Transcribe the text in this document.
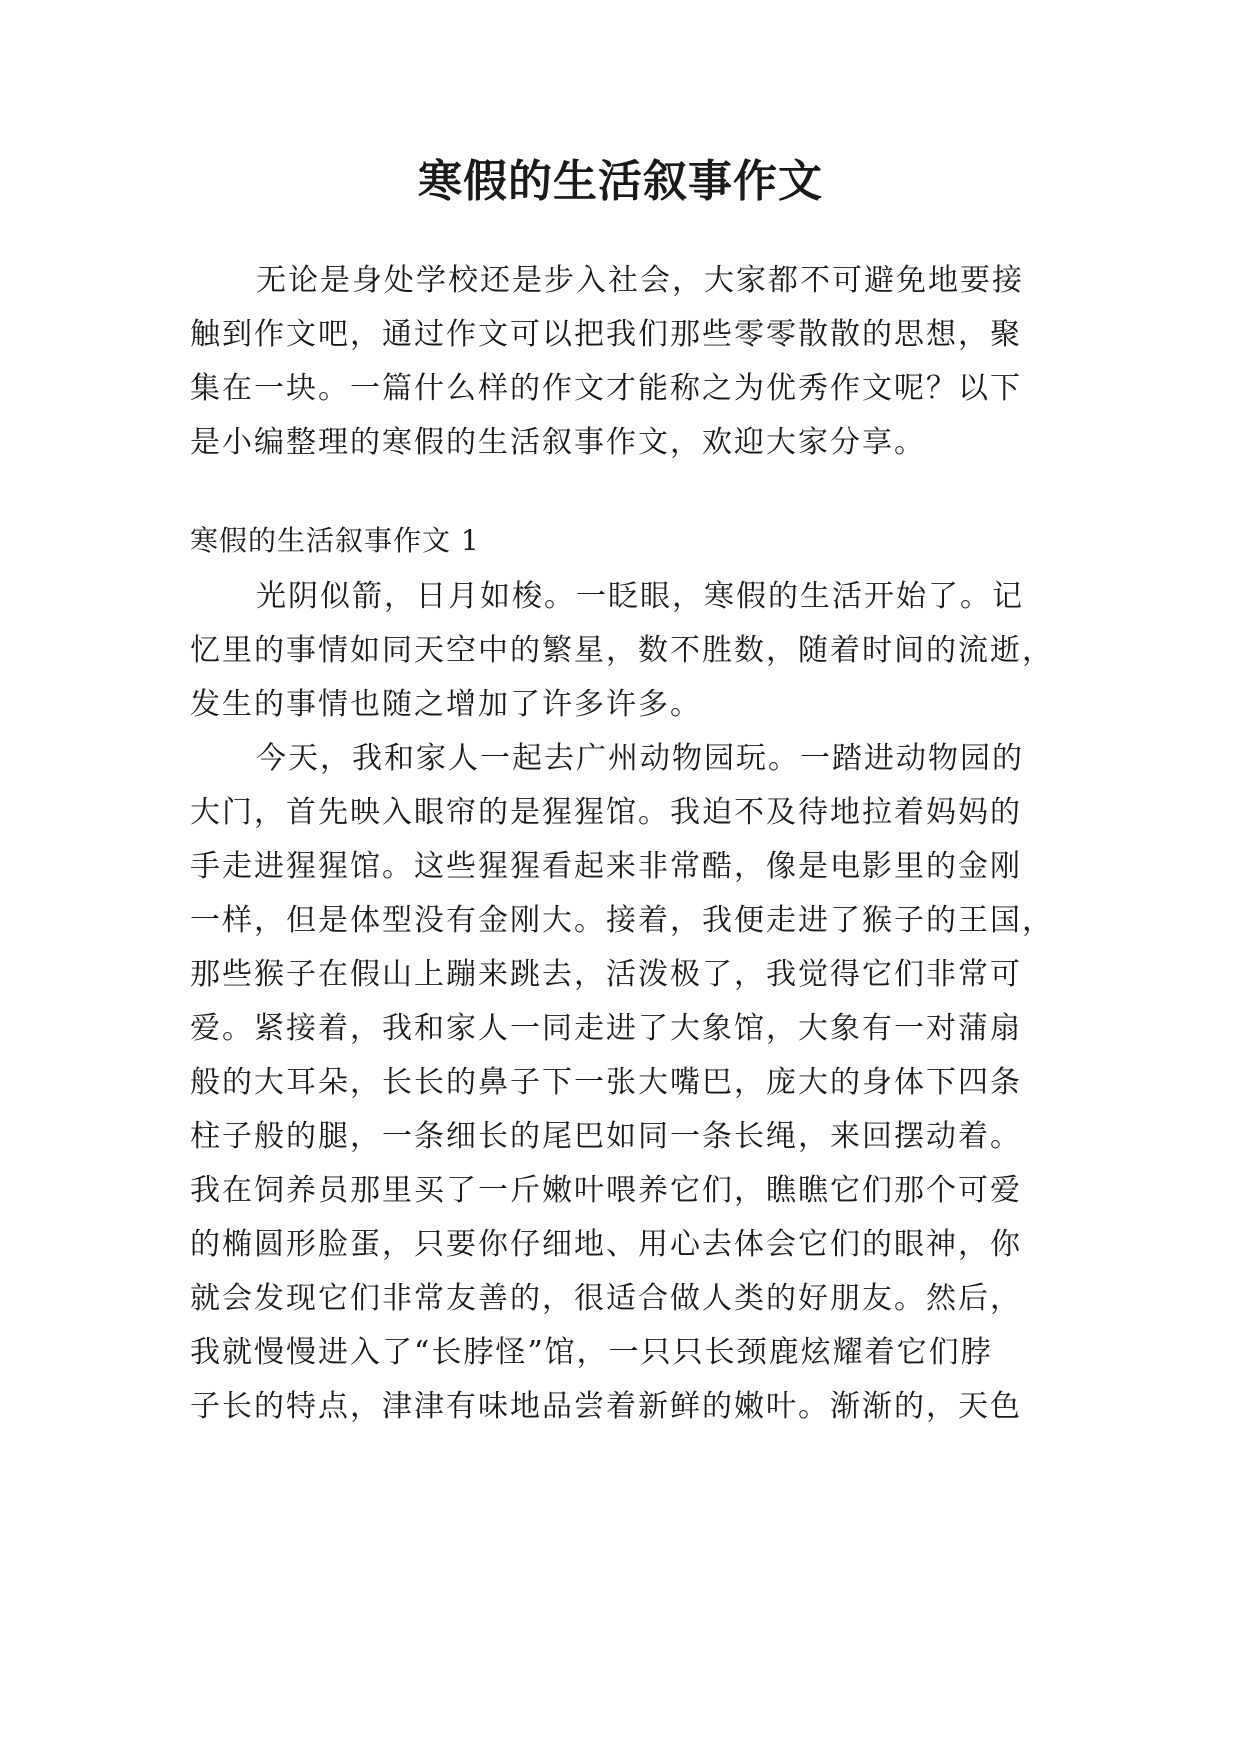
寒假的生活叙事作文
无论是身处学校还是步入社会，大家都不可避免地要接
触到作文吧，通过作文可以把我们那些零零散散的思想，聚
集在一块。一篇什么样的作文才能称之为优秀作文呢？以下
是小编整理的寒假的生活叙事作文，欢迎大家分享。
寒假的生活叙事作文 1
光阴似箭，日月如梭。一眨眼，寒假的生活开始了。记
忆里的事情如同天空中的繁星，数不胜数，随着时间的流逝，
发生的事情也随之增加了许多许多。
今天，我和家人一起去广州动物园玩。一踏进动物园的
大门，首先映入眼帘的是猩猩馆。我迫不及待地拉着妈妈的
手走进猩猩馆。这些猩猩看起来非常酷，像是电影里的金刚
一样，但是体型没有金刚大。接着，我便走进了猴子的王国，
那些猴子在假山上蹦来跳去，活泼极了，我觉得它们非常可
爱。紧接着，我和家人一同走进了大象馆，大象有一对蒲扇
般的大耳朵，长长的鼻子下一张大嘴巴，庞大的身体下四条
柱子般的腿，一条细长的尾巴如同一条长绳，来回摆动着。
我在饲养员那里买了一斤嫩叶喂养它们，瞧瞧它们那个可爱
的椭圆形脸蛋，只要你仔细地、用心去体会它们的眼神，你
就会发现它们非常友善的，很适合做人类的好朋友。然后，
我就慢慢进入了“长脖怪”馆，一只只长颈鹿炫耀着它们脖
子长的特点，津津有味地品尝着新鲜的嫩叶。渐渐的，天色
